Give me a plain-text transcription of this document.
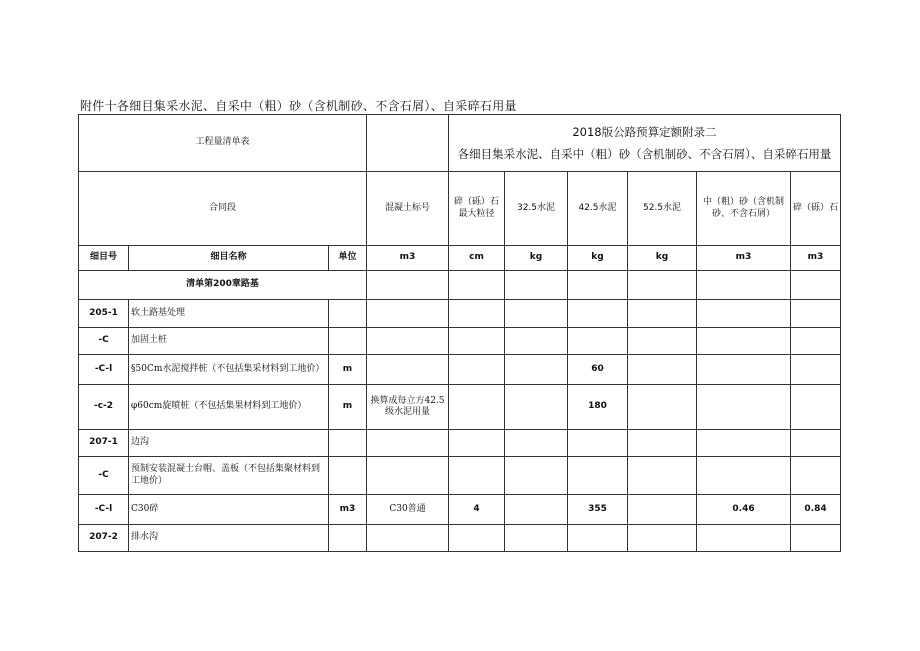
附件十各细目集采水泥、自采中（粗）砂（含机制砂、不含石屑）、自采碎石用量
工程量清单表				2018版公路预算定额附录二
各细目集采水泥、自采中（粗）砂（含机制砂、不含石屑）、自采碎石用量					

合同段			混凝土标号	碎（砾）石最大粒径	32.5水泥	42.5水泥	52.5水泥	中（粗）砂（含机制砂、不含石屑）	碎（砾）石
细目号	细目名称	单位	m3	cm	kg	kg	kg	m3	m3
清单第200章路基									
205-1	软土路基处理								
-C	加固土桩								
-C-l	§50Cm水泥搅拌桩（不包括集采材料到工地价）	m				60			
-c-2	φ60cm旋喷桩（不包括集果材料到工地价）	m	换算成每立方42.5级水泥用量			180			
207-1	边沟								
-C	预制安装混凝土台帽、盖板（不包括集聚材料到工地价）								
-C-l	C30碎	m3	C30普通	4		355		0.46	0.84
207-2	排水沟								
